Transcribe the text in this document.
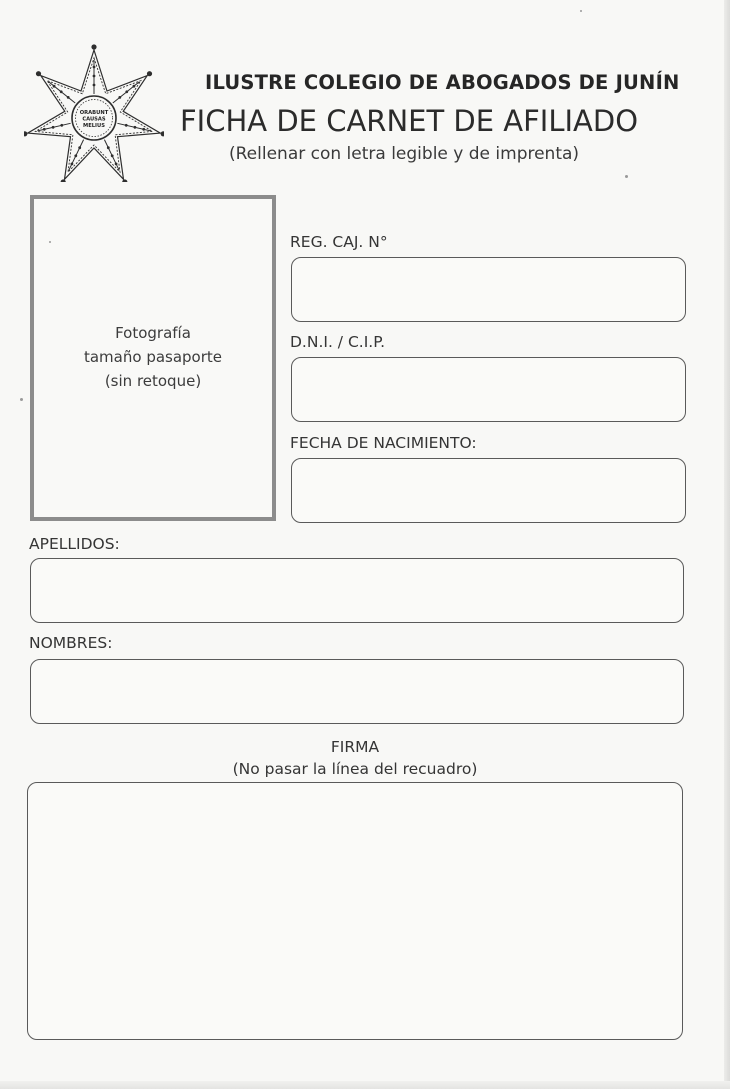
ORABUNT
CAUSAS
MELIUS
ILUSTRE COLEGIO DE ABOGADOS DE JUNÍN
FICHA DE CARNET DE AFILIADO
(Rellenar con letra legible y de imprenta)
Fotografía
tamaño pasaporte
(sin retoque)
REG. CAJ. N°
D.N.I. / C.I.P.
FECHA DE NACIMIENTO:
APELLIDOS:
NOMBRES:
FIRMA
(No pasar la línea del recuadro)
